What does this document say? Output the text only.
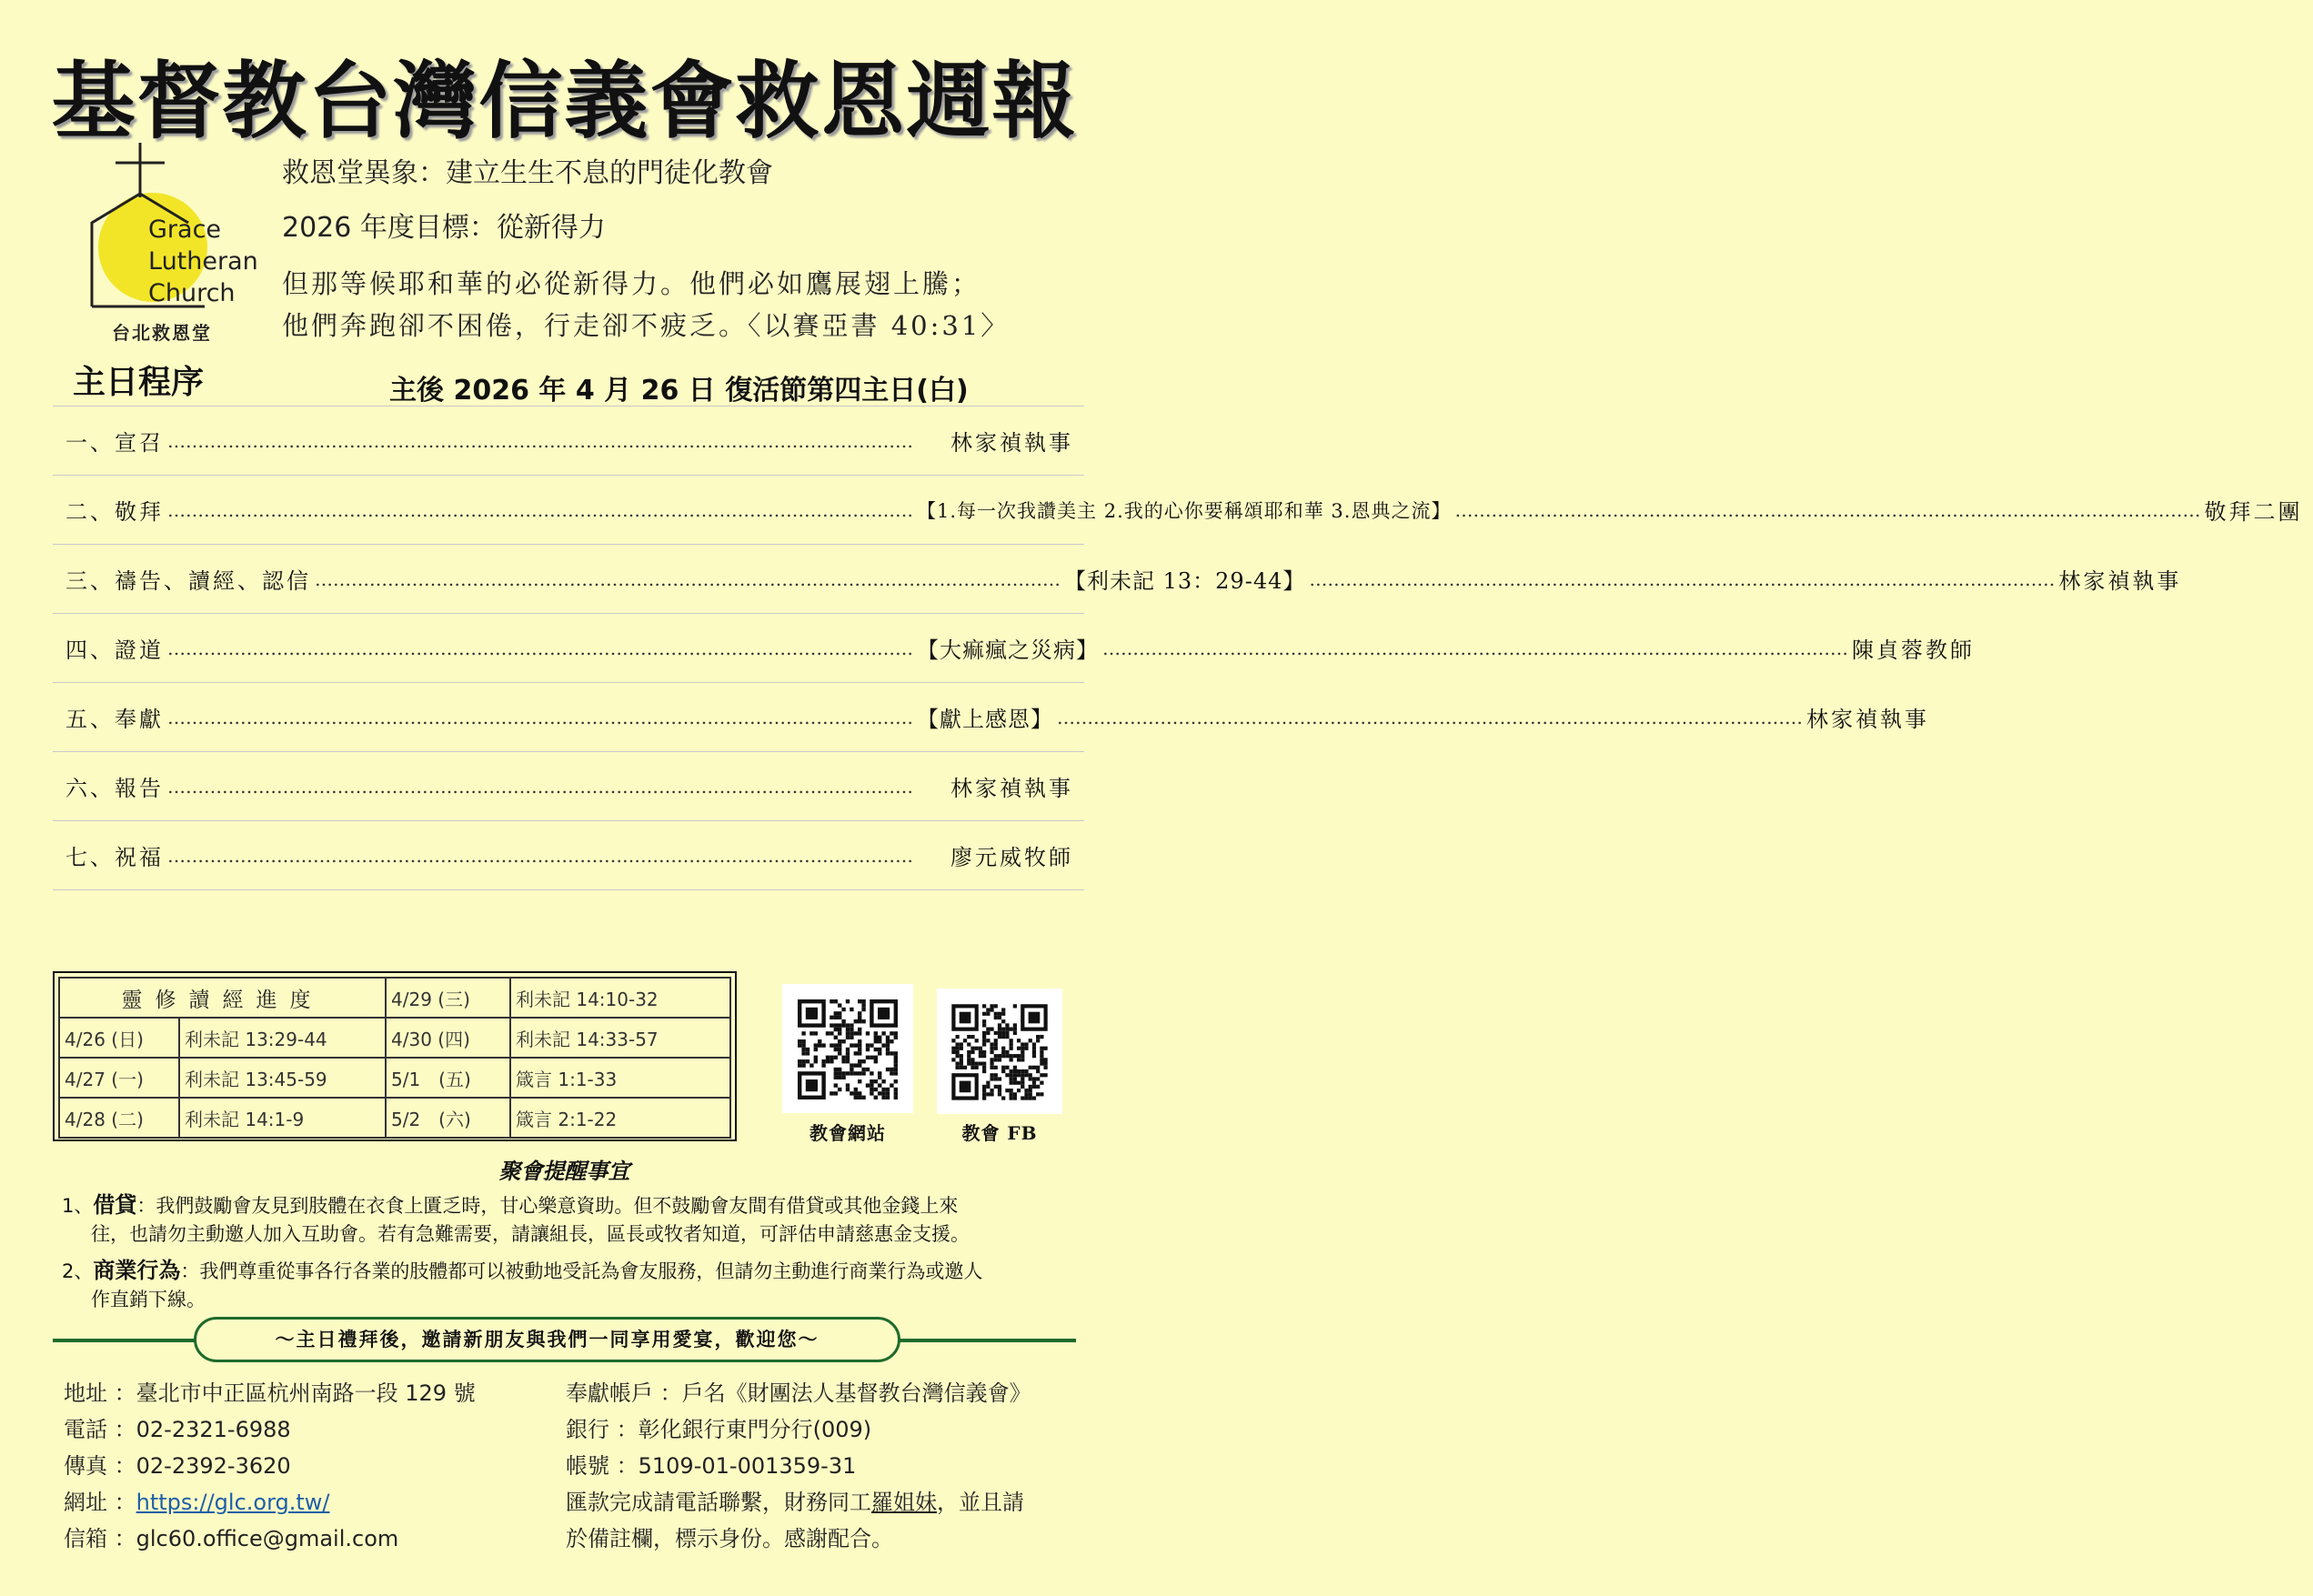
基督教台灣信義會救恩週報
Grace
Lutheran
Church
台北救恩堂
救恩堂異象：建立生生不息的門徒化教會
2026 年度目標：從新得力
但那等候耶和華的必從新得力。他們必如鷹展翅上騰；
他們奔跑卻不困倦，行走卻不疲乏。〈以賽亞書 40:31〉
主日程序	主後 2026 年 4 月 26 日 復活節第四主日(白)
一、宣召 ……………………………………………………………………………………………………………	林家禎執事
二、敬拜 …………………………………………………………………………………………………………… 【1.每一次我讚美主 2.我的心你要稱頌耶和華 3.恩典之流】 …………………………………………………………………………………………………………… 敬拜二團
三、禱告、讀經、認信 …………………………………………………………………………………………………………… 【利未記 13：29-44】 …………………………………………………………………………………………………………… 林家禎執事
四、證道 …………………………………………………………………………………………………………… 【大痲瘋之災病】 …………………………………………………………………………………………………………… 陳貞蓉教師
五、奉獻 …………………………………………………………………………………………………………… 【獻上感恩】 …………………………………………………………………………………………………………… 林家禎執事
六、報告 ……………………………………………………………………………………………………………	林家禎執事
七、祝福 ……………………………………………………………………………………………………………	廖元威牧師
靈修讀經進度		4/29 (三)	利未記 14:10-32
4/26 (日)	利未記 13:29-44	4/30 (四)	利未記 14:33-57
4/27 (一)	利未記 13:45-59	5/1　(五)	箴言 1:1-33
4/28 (二)	利未記 14:1-9	5/2　(六)	箴言 2:1-22
教會網站	教會 FB
聚會提醒事宜
1、借貸：我們鼓勵會友見到肢體在衣食上匱乏時，甘心樂意資助。但不鼓勵會友間有借貸或其他金錢上來
往，也請勿主動邀人加入互助會。若有急難需要，請讓組長，區長或牧者知道，可評估申請慈惠金支援。
2、商業行為：我們尊重從事各行各業的肢體都可以被動地受託為會友服務，但請勿主動進行商業行為或邀人
作直銷下線。
～主日禮拜後，邀請新朋友與我們一同享用愛宴，歡迎您～
地址 ：臺北市中正區杭州南路一段 129 號
電話 ：02-2321-6988
傳真 ：02-2392-3620
網址 ：https://glc.org.tw/
信箱 ：glc60.office@gmail.com
奉獻帳戶 ：戶名《財團法人基督教台灣信義會》
銀行 ：彰化銀行東門分行(009)
帳號 ：5109-01-001359-31
匯款完成請電話聯繫，財務同工羅姐妹，並且請
於備註欄，標示身份。感謝配合。
